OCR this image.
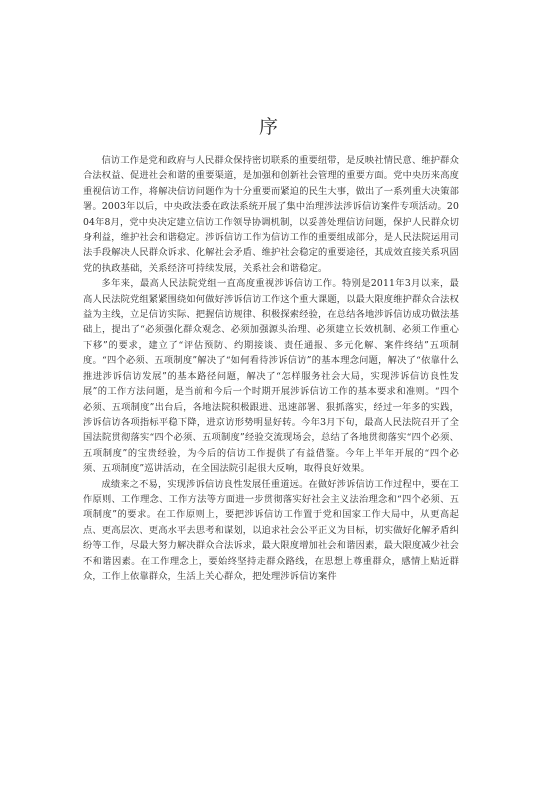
序

信访工作是党和政府与人民群众保持密切联系的重要纽带，是反映社情民意、维护群众合法权益、促进社会和谐的重要渠道，是加强和创新社会管理的重要方面。党中央历来高度重视信访工作，将解决信访问题作为十分重要而紧迫的民生大事，做出了一系列重大决策部署。2003年以后，中央政法委在政法系统开展了集中治理涉法涉诉信访案件专项活动。2004年8月，党中央决定建立信访工作领导协调机制，以妥善处理信访问题，保护人民群众切身利益，维护社会和谐稳定。涉诉信访工作为信访工作的重要组成部分，是人民法院运用司法手段解决人民群众诉求、化解社会矛盾、维护社会稳定的重要途径，其成效直接关系巩固党的执政基础，关系经济可持续发展，关系社会和谐稳定。

多年来，最高人民法院党组一直高度重视涉诉信访工作。特别是2011年3月以来，最高人民法院党组紧紧围绕如何做好涉诉信访工作这个重大课题，以最大限度维护群众合法权益为主线，立足信访实际、把握信访规律、积极探索经验，在总结各地涉诉信访成功做法基础上，提出了“必须强化群众观念、必须加强源头治理、必须建立长效机制、必须工作重心下移”的要求，建立了“评估预防、约期接谈、责任通报、多元化解、案件终结”五项制度。“四个必须、五项制度”解决了“如何看待涉诉信访”的基本理念问题，解决了“依靠什么推进涉诉信访发展”的基本路径问题，解决了“怎样服务社会大局，实现涉诉信访良性发展”的工作方法问题，是当前和今后一个时期开展涉诉信访工作的基本要求和准则。“四个必须、五项制度”出台后，各地法院积极跟进、迅速部署、狠抓落实，经过一年多的实践，涉诉信访各项指标平稳下降，进京访形势明显好转。今年3月下旬，最高人民法院召开了全国法院贯彻落实“四个必须、五项制度”经验交流现场会，总结了各地贯彻落实“四个必须、五项制度”的宝贵经验，为今后的信访工作提供了有益借鉴。今年上半年开展的“四个必须、五项制度”巡讲活动，在全国法院引起很大反响，取得良好效果。

成绩来之不易，实现涉诉信访良性发展任重道远。在做好涉诉信访工作过程中，要在工作原则、工作理念、工作方法等方面进一步贯彻落实好社会主义法治理念和“四个必须、五项制度”的要求。在工作原则上，要把涉诉信访工作置于党和国家工作大局中，从更高起点、更高层次、更高水平去思考和谋划，以追求社会公平正义为目标，切实做好化解矛盾纠纷等工作，尽最大努力解决群众合法诉求，最大限度增加社会和谐因素，最大限度减少社会不和谐因素。在工作理念上，要始终坚持走群众路线，在思想上尊重群众，感情上贴近群众，工作上依靠群众，生活上关心群众，把处理涉诉信访案件
